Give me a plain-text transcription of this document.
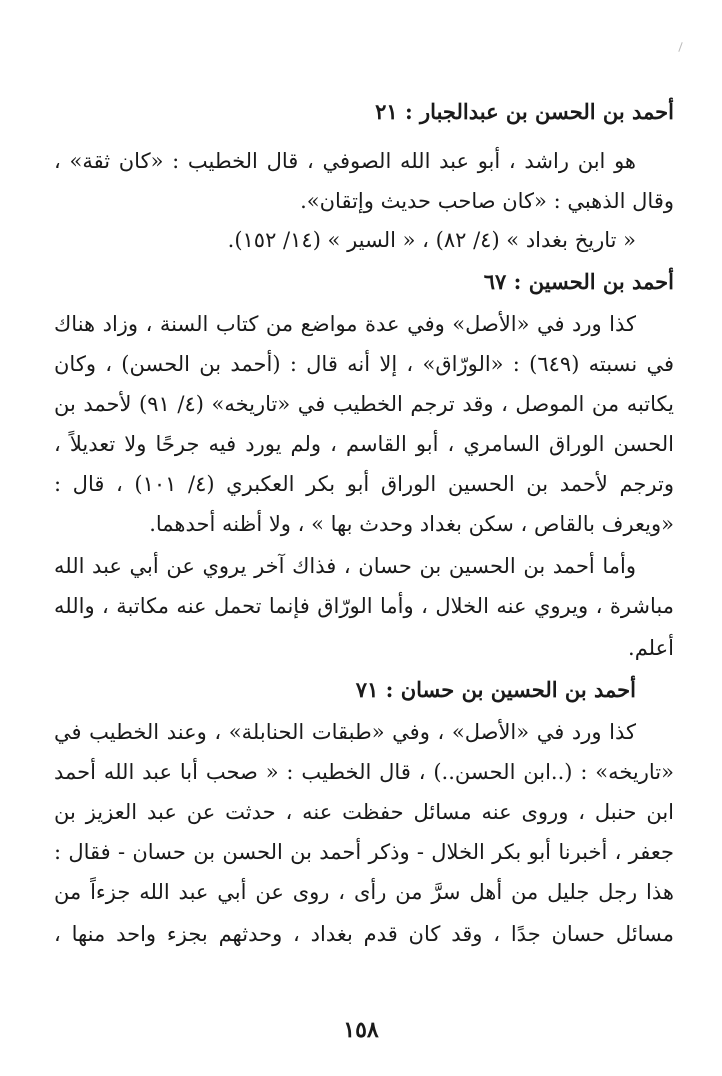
أحمد بن الحسن بن عبدالجبار : ٢١
هو ابن راشد ، أبو عبد الله الصوفي ، قال الخطيب : «كان ثقة» ،
وقال الذهبي : «كان صاحب حديث وإتقان».
« تاريخ بغداد » (٤/ ٨٢) ، « السير » (١٤/ ١٥٢).
أحمد بن الحسين : ٦٧
كذا ورد في «الأصل» وفي عدة مواضع من كتاب السنة ، وزاد هناك
في نسبته (٦٤٩) : «الورّاق» ، إلا أنه قال : (أحمد بن الحسن) ، وكان
يكاتبه من الموصل ، وقد ترجم الخطيب في «تاريخه» (٤/ ٩١) لأحمد بن
الحسن الوراق السامري ، أبو القاسم ، ولم يورد فيه جرحًا ولا تعديلاً ،
وترجم لأحمد بن الحسين الوراق أبو بكر العكبري (٤/ ١٠١) ، قال :
«ويعرف بالقاص ، سكن بغداد وحدث بها » ، ولا أظنه أحدهما.
وأما أحمد بن الحسين بن حسان ، فذاك آخر يروي عن أبي عبد الله
مباشرة ، ويروي عنه الخلال ، وأما الورّاق فإنما تحمل عنه مكاتبة ، والله
أعلم.
أحمد بن الحسين بن حسان : ٧١
كذا ورد في «الأصل» ، وفي «طبقات الحنابلة» ، وعند الخطيب في
«تاريخه» : (..ابن الحسن..) ، قال الخطيب : « صحب أبا عبد الله أحمد
ابن حنبل ، وروى عنه مسائل حفظت عنه ، حدثت عن عبد العزيز بن
جعفر ، أخبرنا أبو بكر الخلال - وذكر أحمد بن الحسن بن حسان - فقال :
هذا رجل جليل من أهل سرَّ من رأى ، روى عن أبي عبد الله جزءاً من
مسائل حسان جدًا ، وقد كان قدم بغداد ، وحدثهم بجزء واحد منها ،
١٥٨
